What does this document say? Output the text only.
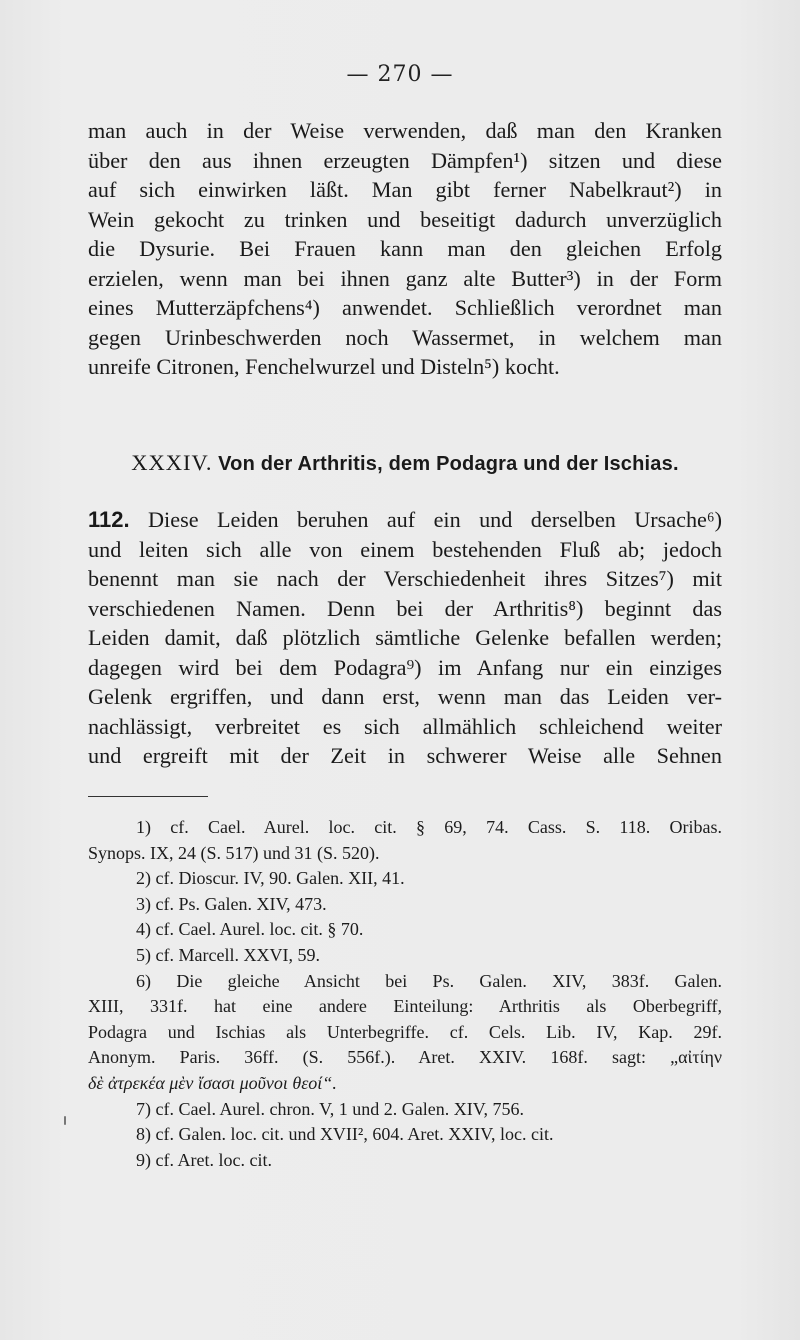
— 270 —
man auch in der Weise verwenden, daß man den Kranken
über den aus ihnen erzeugten Dämpfen¹) sitzen und diese
auf sich einwirken läßt. Man gibt ferner Nabelkraut²) in
Wein gekocht zu trinken und beseitigt dadurch unverzüglich
die Dysurie. Bei Frauen kann man den gleichen Erfolg
erzielen, wenn man bei ihnen ganz alte Butter³) in der Form
eines Mutterzäpfchens⁴) anwendet. Schließlich verordnet man
gegen Urinbeschwerden noch Wassermet, in welchem man
unreife Citronen, Fenchelwurzel und Disteln⁵) kocht.
XXXIV. Von der Arthritis, dem Podagra und der Ischias.
112. Diese Leiden beruhen auf ein und derselben Ursache⁶)
und leiten sich alle von einem bestehenden Fluß ab; jedoch
benennt man sie nach der Verschiedenheit ihres Sitzes⁷) mit
verschiedenen Namen. Denn bei der Arthritis⁸) beginnt das
Leiden damit, daß plötzlich sämtliche Gelenke befallen werden;
dagegen wird bei dem Podagra⁹) im Anfang nur ein einziges
Gelenk ergriffen, und dann erst, wenn man das Leiden ver-
nachlässigt, verbreitet es sich allmählich schleichend weiter
und ergreift mit der Zeit in schwerer Weise alle Sehnen
1) cf. Cael. Aurel. loc. cit. § 69, 74. Cass. S. 118. Oribas.
Synops. IX, 24 (S. 517) und 31 (S. 520).
2) cf. Dioscur. IV, 90. Galen. XII, 41.
3) cf. Ps. Galen. XIV, 473.
4) cf. Cael. Aurel. loc. cit. § 70.
5) cf. Marcell. XXVI, 59.
6) Die gleiche Ansicht bei Ps. Galen. XIV, 383f. Galen.
XIII, 331f. hat eine andere Einteilung: Arthritis als Oberbegriff,
Podagra und Ischias als Unterbegriffe. cf. Cels. Lib. IV, Kap. 29f.
Anonym. Paris. 36ff. (S. 556f.). Aret. XXIV. 168f. sagt: „αἰτίην
δὲ ἀτρεκέα μὲν ἴσασι μοῦνοι θεοί“.
7) cf. Cael. Aurel. chron. V, 1 und 2. Galen. XIV, 756.
8) cf. Galen. loc. cit. und XVII², 604. Aret. XXIV, loc. cit.
9) cf. Aret. loc. cit.
